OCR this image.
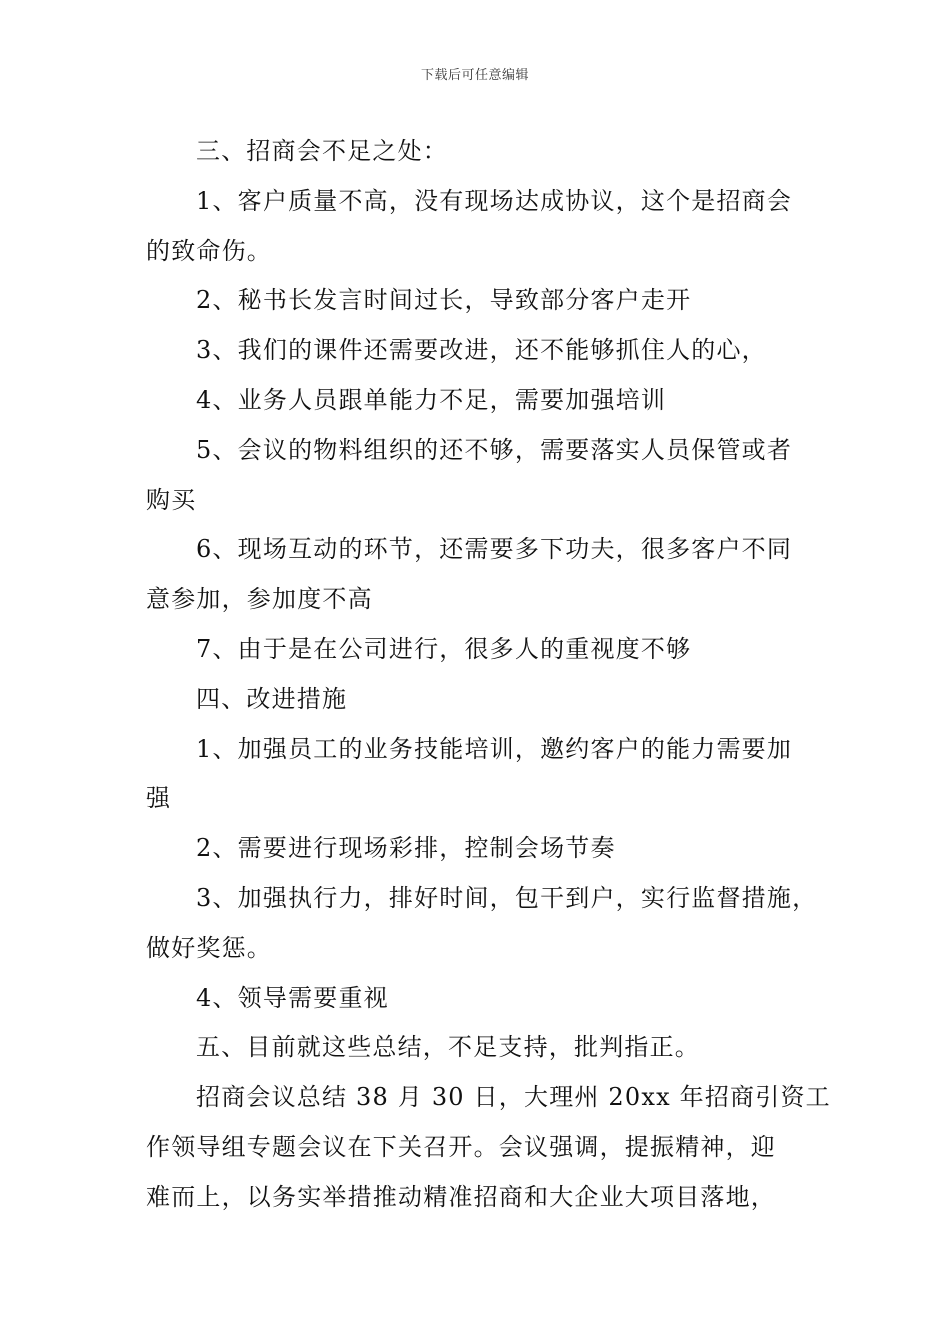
下载后可任意编辑

三、招商会不足之处：

1、客户质量不高，没有现场达成协议，这个是招商会
的致命伤。

2、秘书长发言时间过长，导致部分客户走开

3、我们的课件还需要改进，还不能够抓住人的心，

4、业务人员跟单能力不足，需要加强培训

5、会议的物料组织的还不够，需要落实人员保管或者
购买

6、现场互动的环节，还需要多下功夫，很多客户不同
意参加，参加度不高

7、由于是在公司进行，很多人的重视度不够

四、改进措施

1、加强员工的业务技能培训，邀约客户的能力需要加
强

2、需要进行现场彩排，控制会场节奏

3、加强执行力，排好时间，包干到户，实行监督措施，
做好奖惩。

4、领导需要重视

五、目前就这些总结，不足支持，批判指正。

招商会议总结 38 月 30 日，大理州 20xx 年招商引资工
作领导组专题会议在下关召开。会议强调，提振精神，迎
难而上，以务实举措推动精准招商和大企业大项目落地，
